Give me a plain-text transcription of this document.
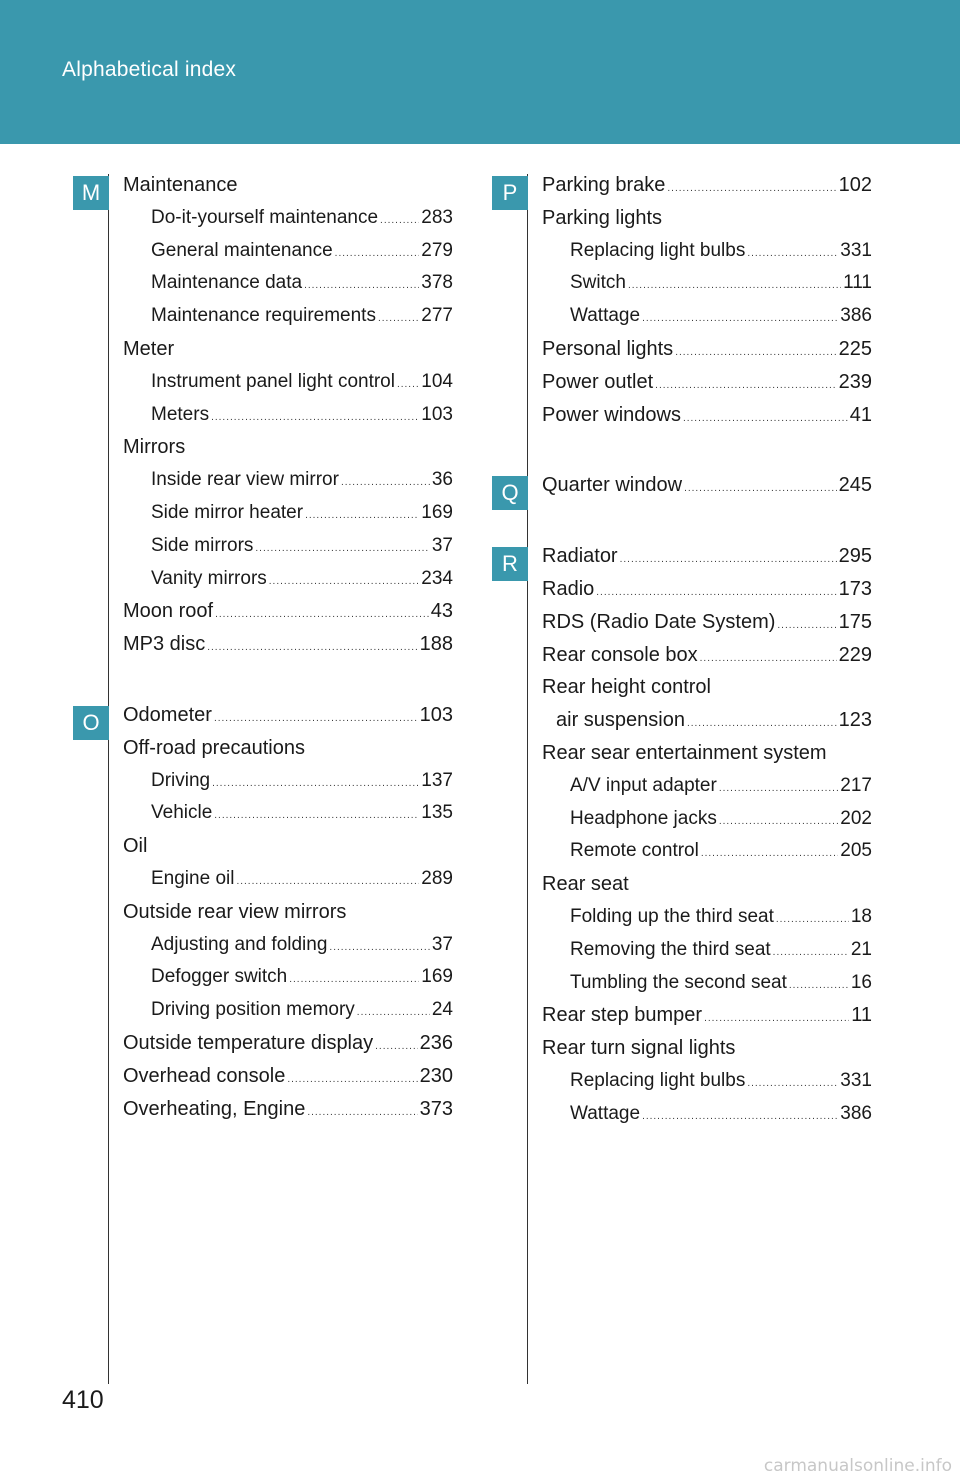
Alphabetical index
M	Maintenance
Do-it-yourself maintenance ..... 283
General maintenance .....	279
Maintenance data .....	378
Maintenance requirements ..... 277
Meter
Instrument panel light control ..... 104
Meters .....	103
Mirrors
Inside rear view mirror .....	36
Side mirror heater .....	169
Side mirrors .....	37
Vanity mirrors .....	234
Moon roof .....	43
MP3 disc .....	188
O	Odometer .....	103
Off-road precautions
Driving .....	137
Vehicle .....	135
Oil
Engine oil .....	289
Outside rear view mirrors
Adjusting and folding .....	37
Defogger switch .....	169
Driving position memory .....	24
Outside temperature display ..... 236
Overhead console .....	230
Overheating, Engine .....	373
P	Parking brake .....	102
Parking lights
Replacing light bulbs .....	331
Switch .....	111
Wattage .....	386
Personal lights .....	225
Power outlet .....	239
Power windows .....	41
Q	Quarter window .....	245
R	Radiator .....	295
Radio .....	173
RDS (Radio Date System) .....	175
Rear console box .....	229
Rear height control
air suspension .....	123
Rear sear entertainment system
A/V input adapter .....	217
Headphone jacks .....	202
Remote control .....	205
Rear seat
Folding up the third seat .....	18
Removing the third seat .....	21
Tumbling the second seat .....	16
Rear step bumper .....	11
Rear turn signal lights
Replacing light bulbs .....	331
Wattage .....	386
410
carmanualsonline.info
